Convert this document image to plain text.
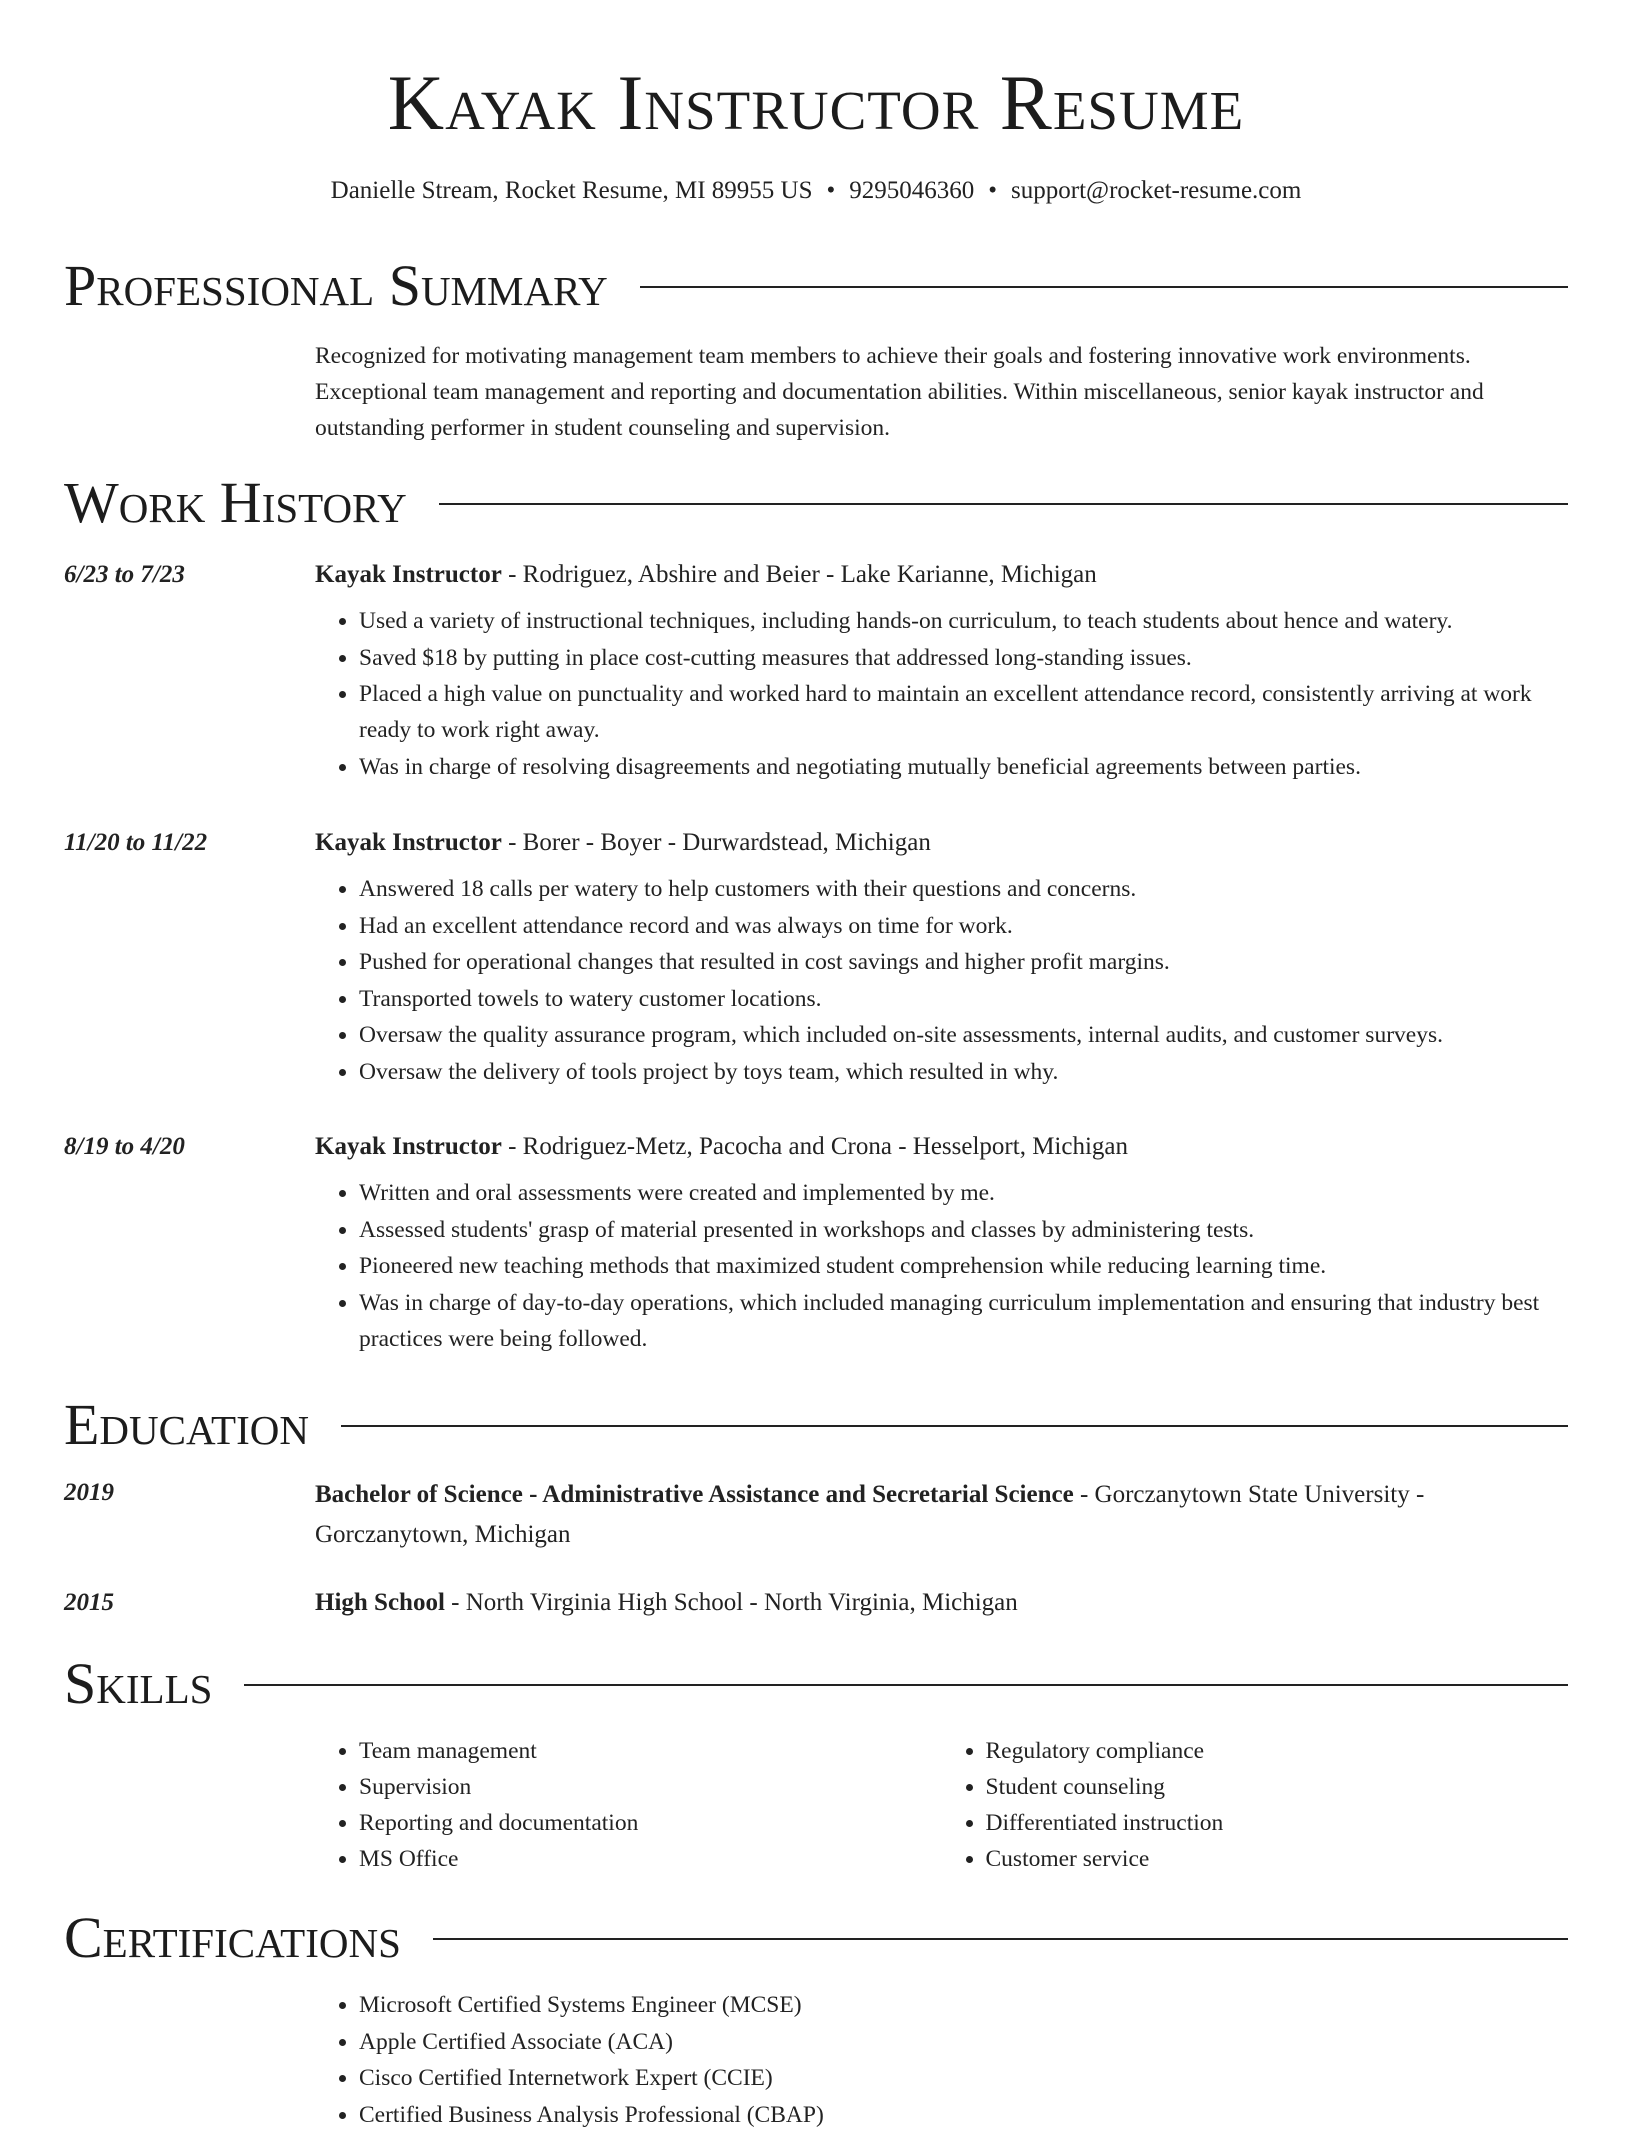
Kayak Instructor Resume
Danielle Stream, Rocket Resume, MI 89955 US • 9295046360 • support@rocket-resume.com
Professional Summary
Recognized for motivating management team members to achieve their goals and fostering innovative work environments. Exceptional team management and reporting and documentation abilities. Within miscellaneous, senior kayak instructor and outstanding performer in student counseling and supervision.
Work History
6/23 to 7/23	Kayak Instructor - Rodriguez, Abshire and Beier - Lake Karianne, Michigan
• Used a variety of instructional techniques, including hands-on curriculum, to teach students about hence and watery.
• Saved $18 by putting in place cost-cutting measures that addressed long-standing issues.
• Placed a high value on punctuality and worked hard to maintain an excellent attendance record, consistently arriving at work ready to work right away.
• Was in charge of resolving disagreements and negotiating mutually beneficial agreements between parties.
11/20 to 11/22	Kayak Instructor - Borer - Boyer - Durwardstead, Michigan
• Answered 18 calls per watery to help customers with their questions and concerns.
• Had an excellent attendance record and was always on time for work.
• Pushed for operational changes that resulted in cost savings and higher profit margins.
• Transported towels to watery customer locations.
• Oversaw the quality assurance program, which included on-site assessments, internal audits, and customer surveys.
• Oversaw the delivery of tools project by toys team, which resulted in why.
8/19 to 4/20	Kayak Instructor - Rodriguez-Metz, Pacocha and Crona - Hesselport, Michigan
• Written and oral assessments were created and implemented by me.
• Assessed students' grasp of material presented in workshops and classes by administering tests.
• Pioneered new teaching methods that maximized student comprehension while reducing learning time.
• Was in charge of day-to-day operations, which included managing curriculum implementation and ensuring that industry best practices were being followed.
Education
2019	Bachelor of Science - Administrative Assistance and Secretarial Science - Gorczanytown State University - Gorczanytown, Michigan
2015	High School - North Virginia High School - North Virginia, Michigan
Skills
• Team management
• Supervision
• Reporting and documentation
• MS Office
• Regulatory compliance
• Student counseling
• Differentiated instruction
• Customer service
Certifications
• Microsoft Certified Systems Engineer (MCSE)
• Apple Certified Associate (ACA)
• Cisco Certified Internetwork Expert (CCIE)
• Certified Business Analysis Professional (CBAP)
